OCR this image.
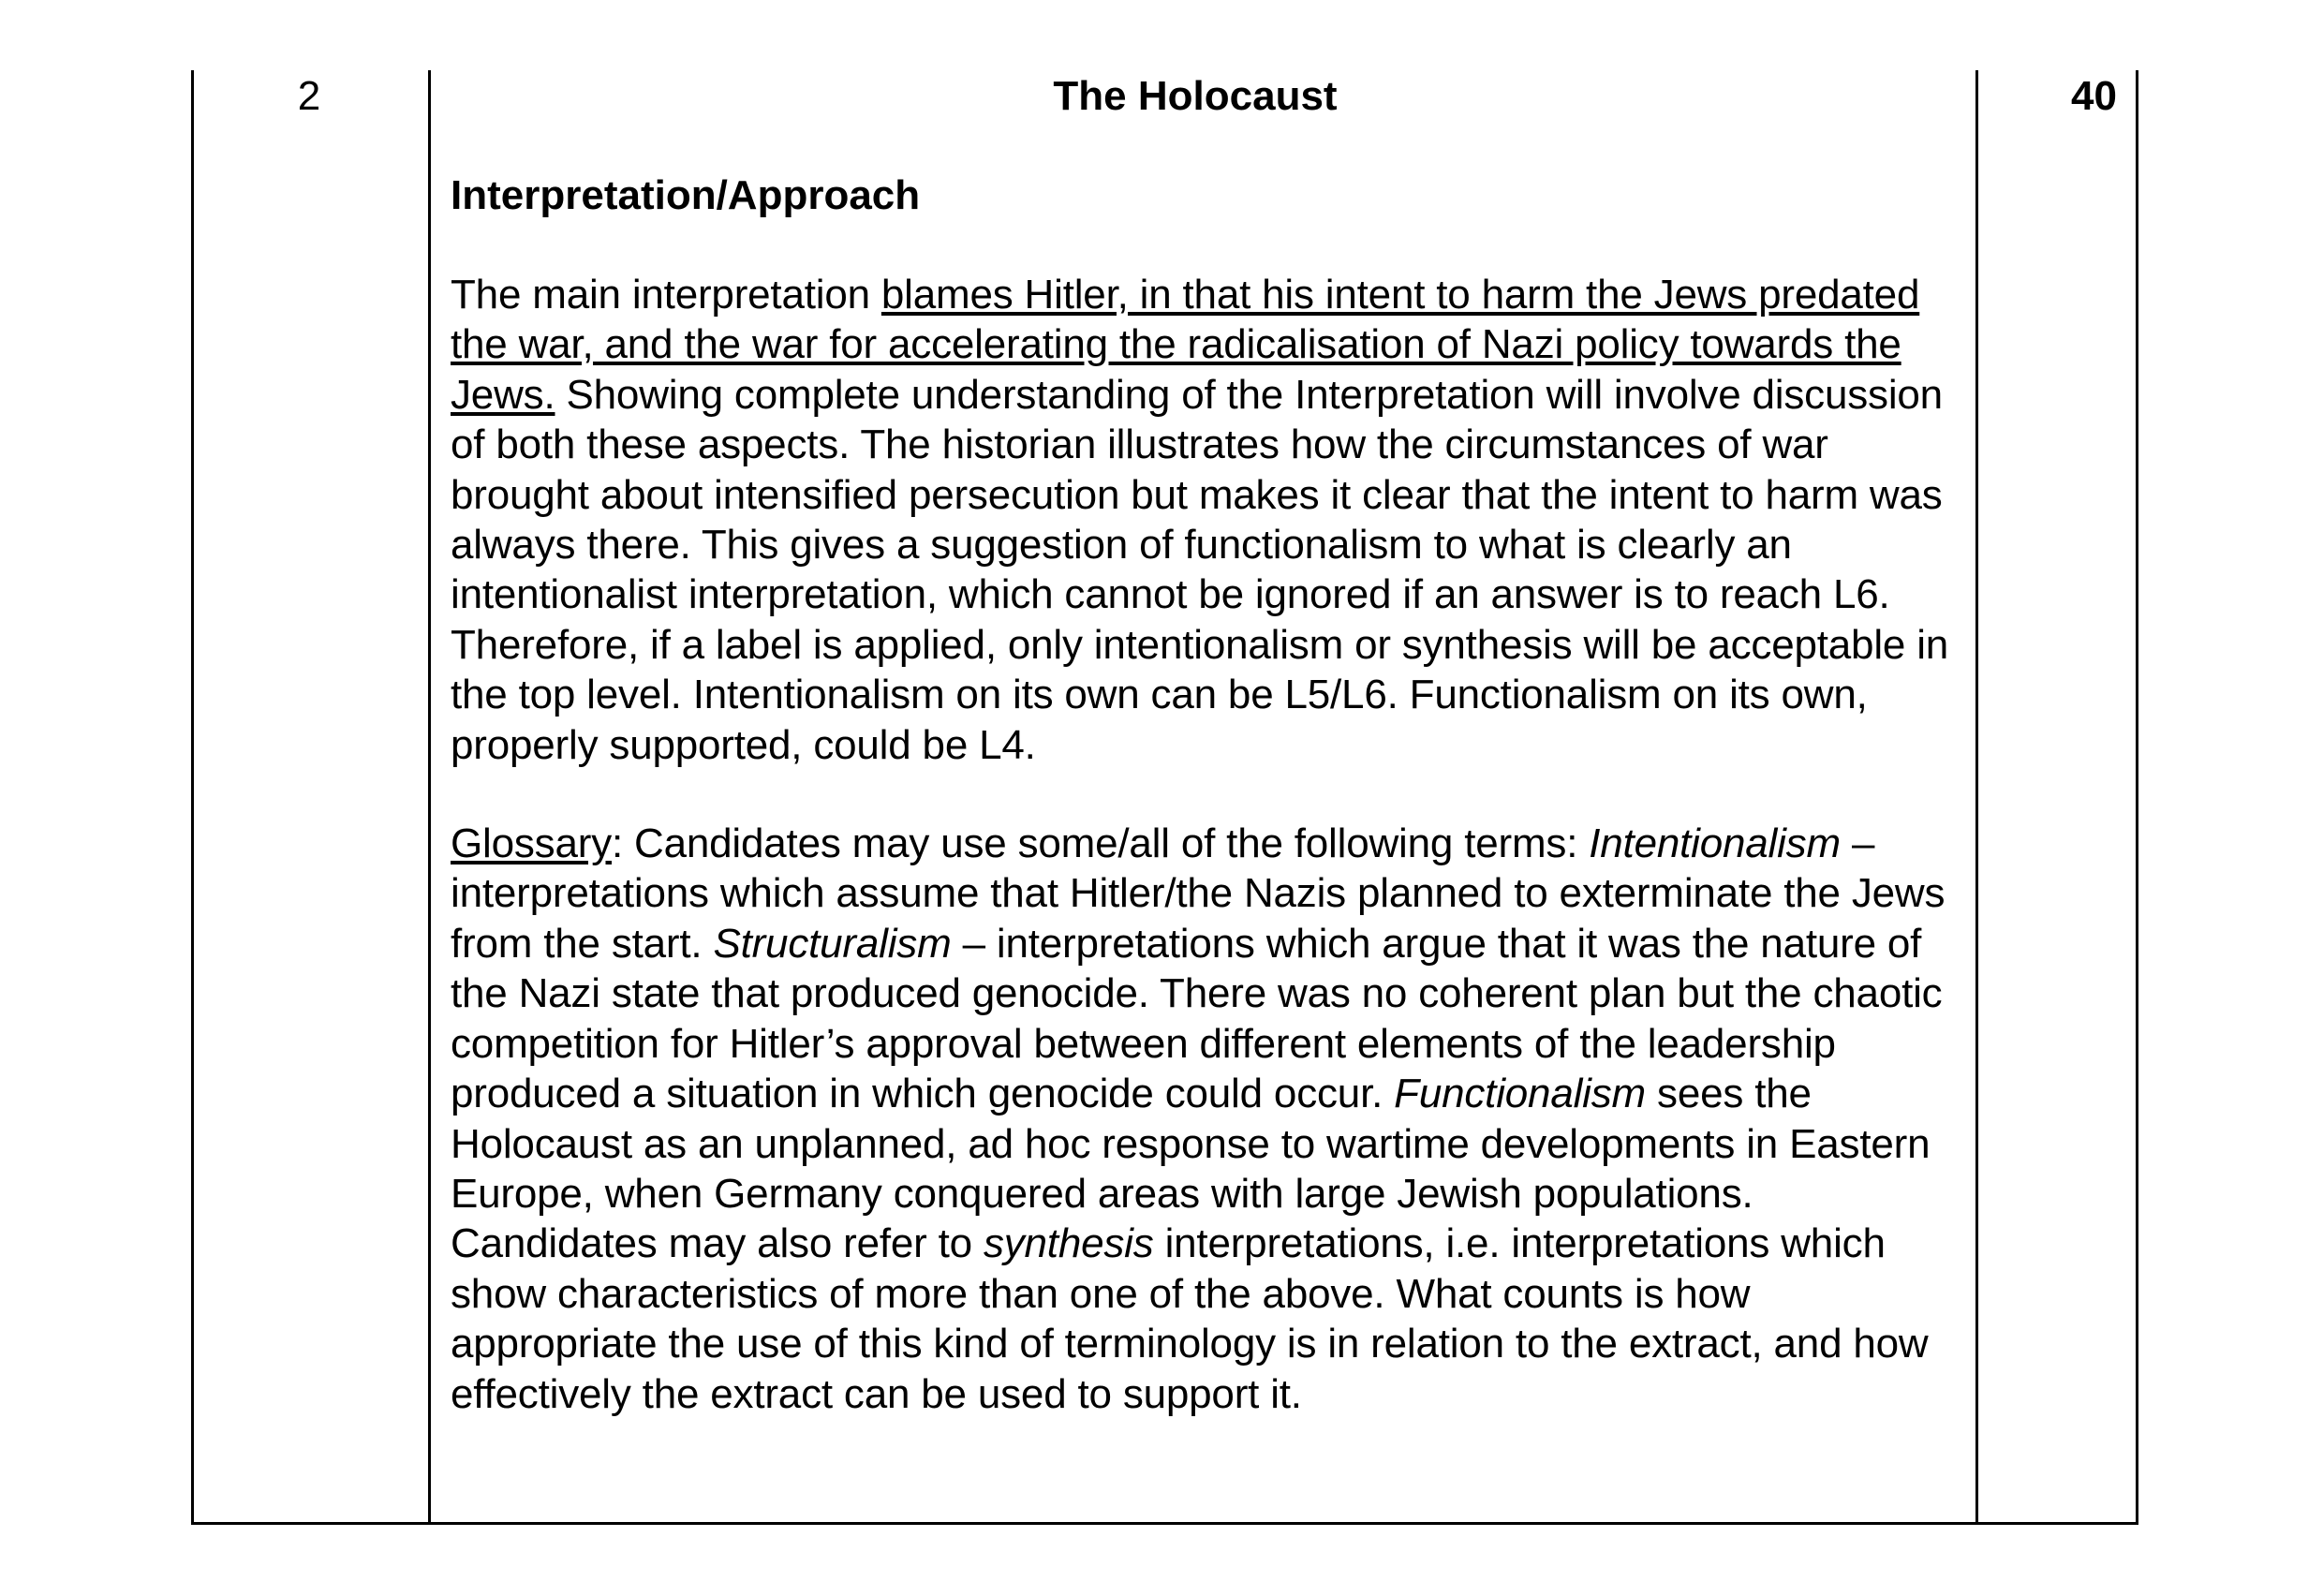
2	40
The Holocaust
Interpretation/Approach

The main interpretation blames Hitler, in that his intent to harm the Jews predated the war, and the war for accelerating the radicalisation of Nazi policy towards the Jews. Showing complete understanding of the Interpretation will involve discussion of both these aspects. The historian illustrates how the circumstances of war brought about intensified persecution but makes it clear that the intent to harm was always there. This gives a suggestion of functionalism to what is clearly an intentionalist interpretation, which cannot be ignored if an answer is to reach L6. Therefore, if a label is applied, only intentionalism or synthesis will be acceptable in the top level. Intentionalism on its own can be L5/L6. Functionalism on its own, properly supported, could be L4.

Glossary: Candidates may use some/all of the following terms: Intentionalism – interpretations which assume that Hitler/the Nazis planned to exterminate the Jews from the start. Structuralism – interpretations which argue that it was the nature of the Nazi state that produced genocide. There was no coherent plan but the chaotic competition for Hitler’s approval between different elements of the leadership produced a situation in which genocide could occur. Functionalism sees the Holocaust as an unplanned, ad hoc response to wartime developments in Eastern Europe, when Germany conquered areas with large Jewish populations. Candidates may also refer to synthesis interpretations, i.e. interpretations which show characteristics of more than one of the above. What counts is how appropriate the use of this kind of terminology is in relation to the extract, and how effectively the extract can be used to support it.
